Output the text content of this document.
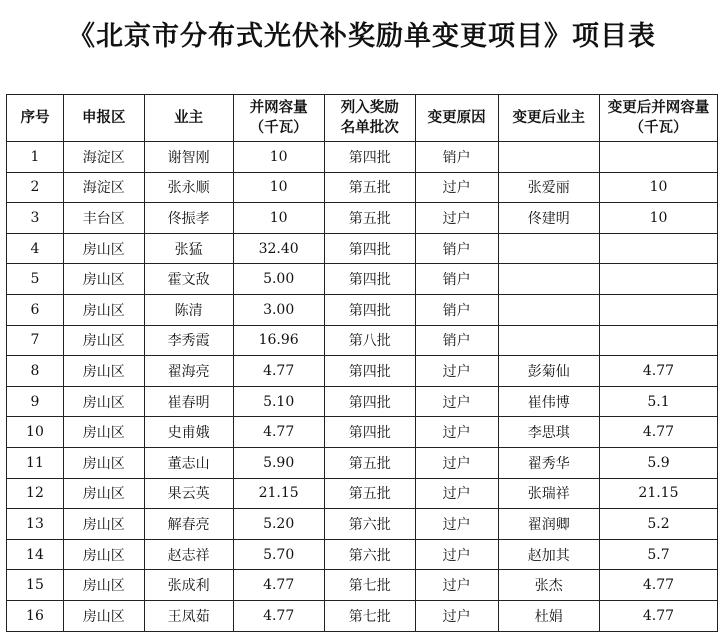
《北京市分布式光伏补奖励单变更项目》项目表
序号	申报区	业主	并网容量（千瓦）	列入奖励名单批次	变更原因	变更后业主	变更后并网容量（千瓦）
1	海淀区	谢智刚	10	第四批	销户		
2	海淀区	张永顺	10	第五批	过户	张爱丽	10
3	丰台区	佟振孝	10	第五批	过户	佟建明	10
4	房山区	张猛	32.40	第四批	销户		
5	房山区	霍文敌	5.00	第四批	销户		
6	房山区	陈清	3.00	第四批	销户		
7	房山区	李秀霞	16.96	第八批	销户		
8	房山区	翟海亮	4.77	第四批	过户	彭菊仙	4.77
9	房山区	崔春明	5.10	第四批	过户	崔伟博	5.1
10	房山区	史甫娥	4.77	第四批	过户	李思琪	4.77
11	房山区	董志山	5.90	第五批	过户	翟秀华	5.9
12	房山区	果云英	21.15	第五批	过户	张瑞祥	21.15
13	房山区	解春亮	5.20	第六批	过户	翟润卿	5.2
14	房山区	赵志祥	5.70	第六批	过户	赵加其	5.7
15	房山区	张成利	4.77	第七批	过户	张杰	4.77
16	房山区	王凤茹	4.77	第七批	过户	杜娟	4.77
